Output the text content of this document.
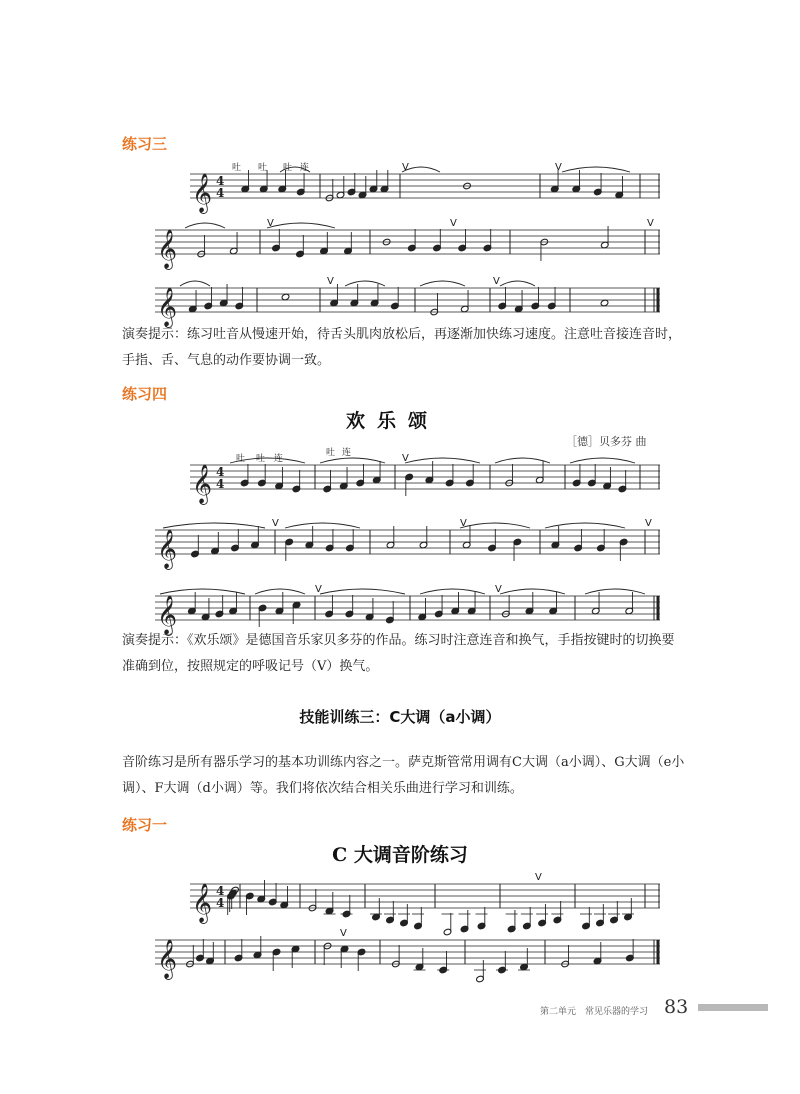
练习三
吐 吐 吐 连
𝄞 4
4
V	V
𝄞
V	V	V
𝄞
V	V
演奏提示：练习吐音从慢速开始，待舌头肌肉放松后，再逐渐加快练习速度。注意吐音接连音时，手指、舌、气息的动作要协调一致。
练习四
欢乐颂
［德］贝多芬 曲
吐 吐 连
吐 连
𝄞 4
4
V
𝄞
V	V	V
𝄞
V	V
演奏提示：《欢乐颂》是德国音乐家贝多芬的作品。练习时注意连音和换气，手指按键时的切换要准确到位，按照规定的呼吸记号（V）换气。
技能训练三：C大调（a小调）
音阶练习是所有器乐学习的基本功训练内容之一。萨克斯管常用调有C大调（a小调）、G大调（e小调）、F大调（d小调）等。我们将依次结合相关乐曲进行学习和训练。
练习一
C 大调音阶练习
𝄞 4
4
V
𝄞
V
第二单元　常见乐器的学习 83
